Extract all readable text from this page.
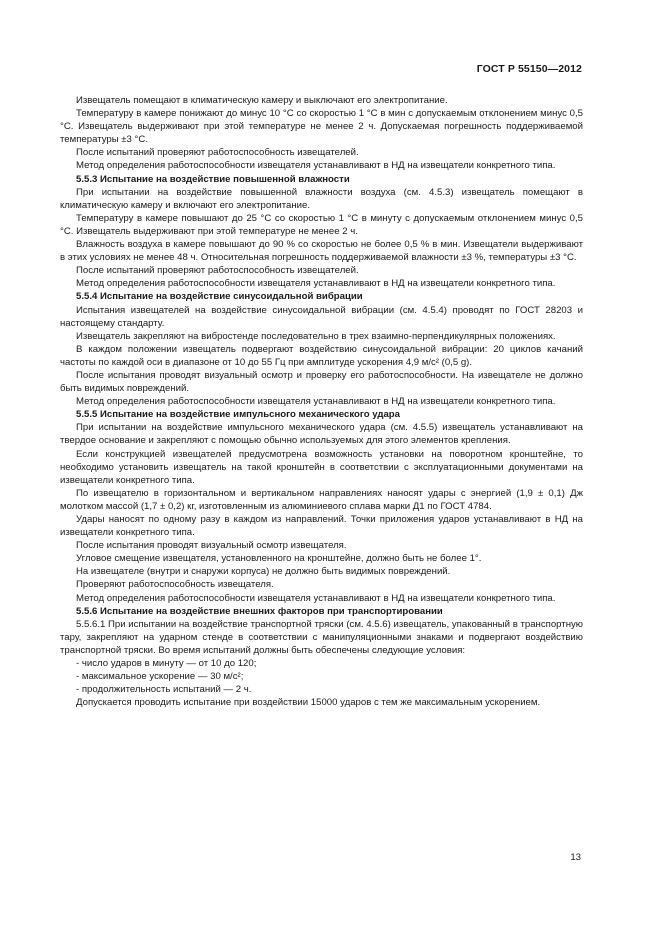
ГОСТ Р 55150—2012

Извещатель помещают в климатическую камеру и выключают его электропитание.

Температуру в камере понижают до минус 10 °С со скоростью 1 °С в мин с допускаемым отклонением минус 0,5 °С. Извещатель выдерживают при этой температуре не менее 2 ч. Допускаемая погрешность поддерживаемой температуры ±3 °С.

После испытаний проверяют работоспособность извещателей.

Метод определения работоспособности извещателя устанавливают в НД на извещатели конкретного типа.

5.5.3 Испытание на воздействие повышенной влажности

При испытании на воздействие повышенной влажности воздуха (см. 4.5.3) извещатель помещают в климатическую камеру и включают его электропитание.

Температуру в камере повышают до 25 °С со скоростью 1 °С в минуту с допускаемым отклонением минус 0,5 °С. Извещатель выдерживают при этой температуре не менее 2 ч.

Влажность воздуха в камере повышают до 90 % со скоростью не более 0,5 % в мин. Извещатели выдерживают в этих условиях не менее 48 ч. Относительная погрешность поддерживаемой влажности ±3 %, температуры ±3 °С.

После испытаний проверяют работоспособность извещателей.

Метод определения работоспособности извещателя устанавливают в НД на извещатели конкретного типа.

5.5.4 Испытание на воздействие синусоидальной вибрации

Испытания извещателей на воздействие синусоидальной вибрации (см. 4.5.4) проводят по ГОСТ 28203 и настоящему стандарту.

Извещатель закрепляют на вибростенде последовательно в трех взаимно-перпендикулярных положениях.

В каждом положении извещатель подвергают воздействию синусоидальной вибрации: 20 циклов качаний частоты по каждой оси в диапазоне от 10 до 55 Гц при амплитуде ускорения 4,9 м/с² (0,5 g).

После испытания проводят визуальный осмотр и проверку его работоспособности. На извещателе не должно быть видимых повреждений.

Метод определения работоспособности извещателя устанавливают в НД на извещатели конкретного типа.

5.5.5 Испытание на воздействие импульсного механического удара

При испытании на воздействие импульсного механического удара (см. 4.5.5) извещатель устанавливают на твердое основание и закрепляют с помощью обычно используемых для этого элементов крепления.

Если конструкцией извещателей предусмотрена возможность установки на поворотном кронштейне, то необходимо установить извещатель на такой кронштейн в соответствии с эксплуатационными документами на извещатели конкретного типа.

По извещателю в горизонтальном и вертикальном направлениях наносят удары с энергией (1,9 ± 0,1) Дж молотком массой (1,7 ± 0,2) кг, изготовленным из алюминиевого сплава марки Д1 по ГОСТ 4784.

Удары наносят по одному разу в каждом из направлений. Точки приложения ударов устанавливают в НД на извещатели конкретного типа.

После испытания проводят визуальный осмотр извещателя.

Угловое смещение извещателя, установленного на кронштейне, должно быть не более 1°.

На извещателе (внутри и снаружи корпуса) не должно быть видимых повреждений.

Проверяют работоспособность извещателя.

Метод определения работоспособности извещателя устанавливают в НД на извещатели конкретного типа.

5.5.6 Испытание на воздействие внешних факторов при транспортировании

5.5.6.1 При испытании на воздействие транспортной тряски (см. 4.5.6) извещатель, упакованный в транспортную тару, закрепляют на ударном стенде в соответствии с манипуляционными знаками и подвергают воздействию транспортной тряски. Во время испытаний должны быть обеспечены следующие условия:

- число ударов в минуту — от 10 до 120;

- максимальное ускорение — 30 м/с²;

- продолжительность испытаний — 2 ч.

Допускается проводить испытание при воздействии 15000 ударов с тем же максимальным ускорением.

13
